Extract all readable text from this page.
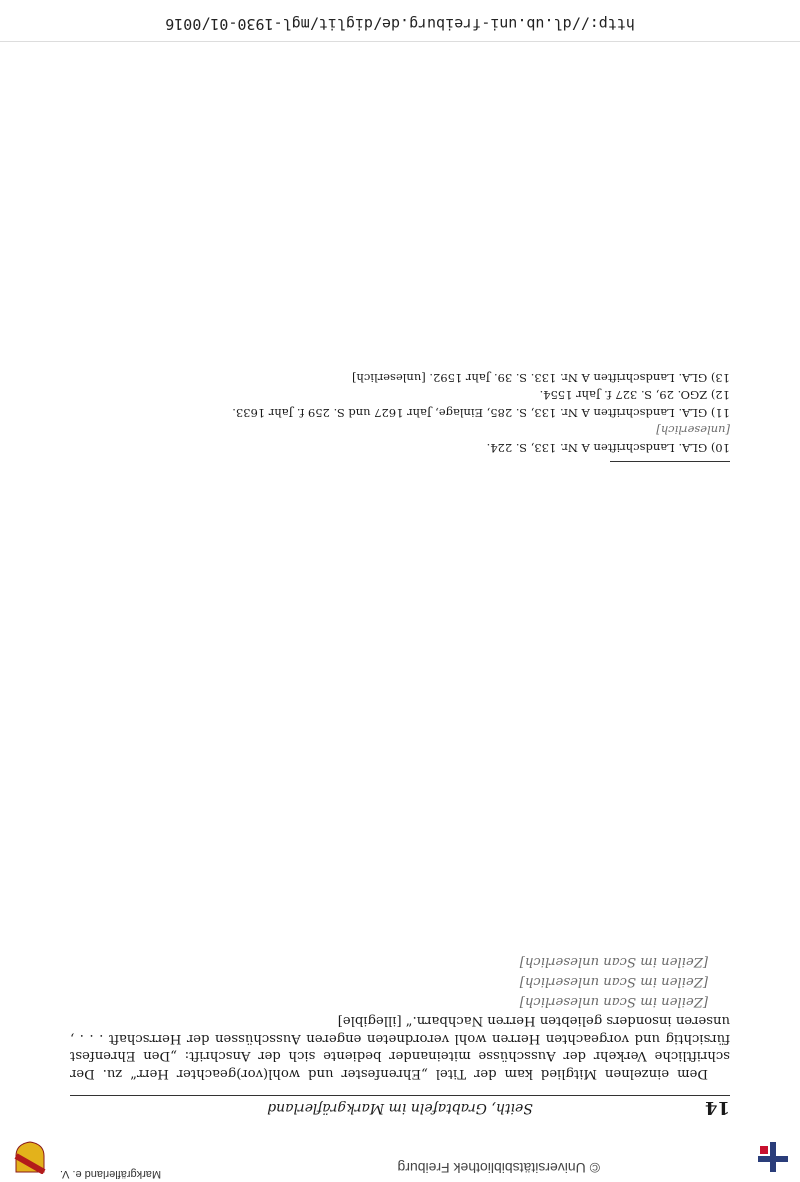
© Universitätsbibliothek Freiburg
Markgräflerland e. V.
14
Seith, Grabtafeln im Markgräflerland

Dem einzelnen Mitglied kam der Titel „Ehrenfester und wohl(vor)geachter Herr“ zu. Der schriftliche Verkehr der Ausschüsse miteinander bediente sich der Anschrift: „Den Ehrenfest fürsichtig und vorgeachten Herren wohl verordneten engeren Ausschüssen der Herrschaft . . . , unseren insonders geliebten Herren Nachbarn.“ [illegible]

[Zeilen im Scan unleserlich]

[Zeilen im Scan unleserlich]

[Zeilen im Scan unleserlich]

10) GLA. Landschriften A Nr. 133, S. 224.

[unleserlich]

11) GLA. Landschriften A Nr. 133, S. 285, Einlage, Jahr 1627 und S. 259 f. Jahr 1633.

12) ZGO. 29, S. 327 f. Jahr 1554.

13) GLA. Landschriften A Nr. 133. S. 39. Jahr 1592. [unleserlich]

http://dl.ub.uni-freiburg.de/diglit/mgl-1930-01/0016
